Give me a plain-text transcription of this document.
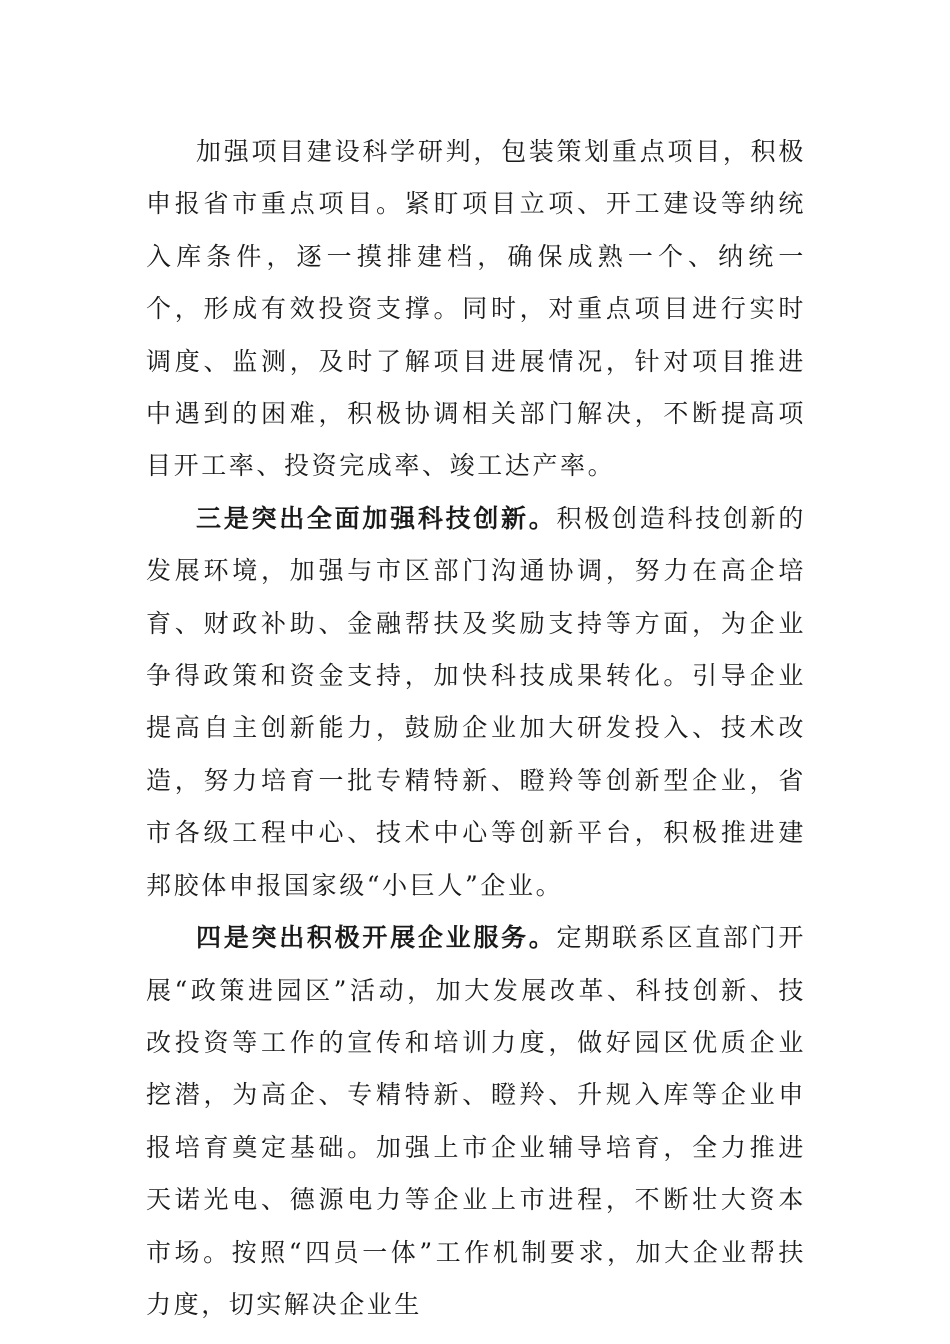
加强项目建设科学研判，包装策划重点项目，积极申报省市重点项目。紧盯项目立项、开工建设等纳统入库条件，逐一摸排建档，确保成熟一个、纳统一个，形成有效投资支撑。同时，对重点项目进行实时调度、监测，及时了解项目进展情况，针对项目推进中遇到的困难，积极协调相关部门解决，不断提高项目开工率、投资完成率、竣工达产率。

三是突出全面加强科技创新。积极创造科技创新的发展环境，加强与市区部门沟通协调，努力在高企培育、财政补助、金融帮扶及奖励支持等方面，为企业争得政策和资金支持，加快科技成果转化。引导企业提高自主创新能力，鼓励企业加大研发投入、技术改造，努力培育一批专精特新、瞪羚等创新型企业，省市各级工程中心、技术中心等创新平台，积极推进建邦胶体申报国家级“小巨人”企业。

四是突出积极开展企业服务。定期联系区直部门开展“政策进园区”活动，加大发展改革、科技创新、技改投资等工作的宣传和培训力度，做好园区优质企业挖潜，为高企、专精特新、瞪羚、升规入库等企业申报培育奠定基础。加强上市企业辅导培育，全力推进天诺光电、德源电力等企业上市进程，不断壮大资本市场。按照“四员一体”工作机制要求，加大企业帮扶力度，切实解决企业生
